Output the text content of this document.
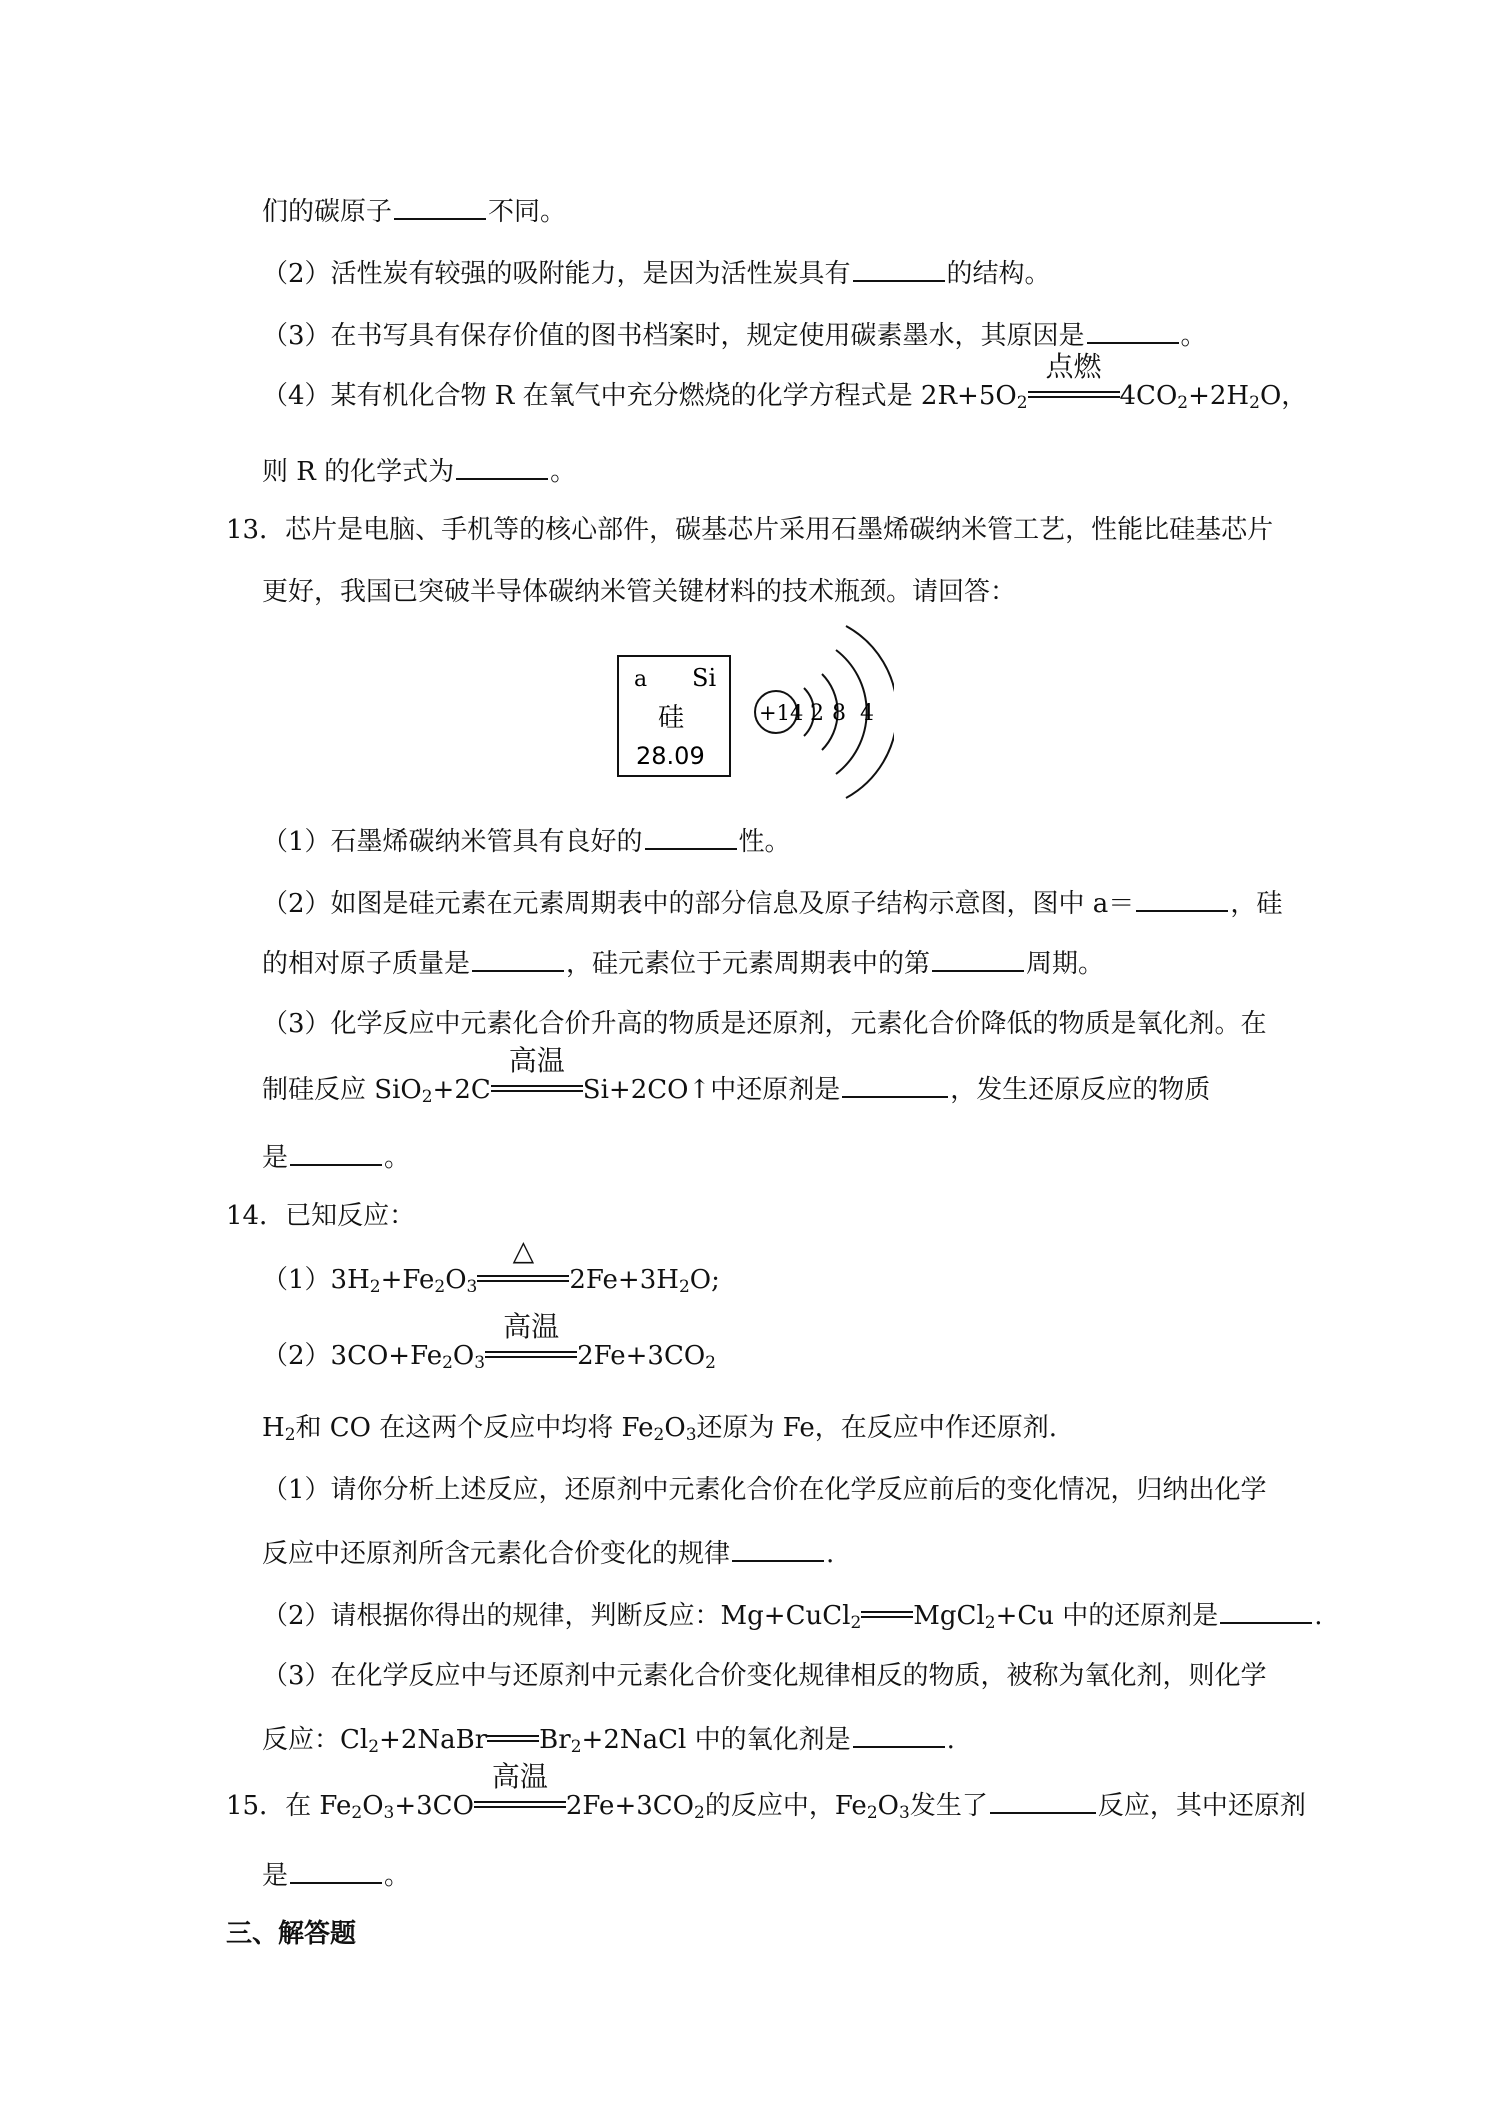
们的碳原子	不同。
（2）活性炭有较强的吸附能力，是因为活性炭具有	的结构。
（3）在书写具有保存价值的图书档案时，规定使用碳素墨水，其原因是	。
（4）某有机化合物 R 在氧气中充分燃烧的化学方程式是 $2R+5O_2$
点燃
$4CO_2+2H_2O$，
则 R 的化学式为	。
13．芯片是电脑、手机等的核心部件，碳基芯片采用石墨烯碳纳米管工艺，性能比硅基芯片
更好，我国已突破半导体碳纳米管关键材料的技术瓶颈。请回答：
a Si
硅
28.09
+14 2 8 4
（1）石墨烯碳纳米管具有良好的	性。
（2）如图是硅元素在元素周期表中的部分信息及原子结构示意图，图中 a＝	，硅
的相对原子质量是	，硅元素位于元素周期表中的第	周期。
（3）化学反应中元素化合价升高的物质是还原剂，元素化合价降低的物质是氧化剂。在
制硅反应 SiO$_2$+2C
高温
Si+2CO↑中还原剂是	，发生还原反应的物质
是	。
14．已知反应：
$(1)3H_2+Fe_2O_3$
△
$2Fe+3H_2O$;
$(2)3CO+Fe_2O_3$
高温
$2Fe+3CO_2$
$H_2$和 CO 在这两个反应中均将 $Fe_2O_3$还原为 Fe，在反应中作还原剂.
（1）请你分析上述反应，还原剂中元素化合价在化学反应前后的变化情况，归纳出化学
反应中还原剂所含元素化合价变化的规律	.
（2）请根据你得出的规律，判断反应：Mg+CuCl$_2$ MgCl$_2$+Cu 中的还原剂是	.
（3）在化学反应中与还原剂中元素化合价变化规律相反的物质，被称为氧化剂，则化学
反应：$Cl_2+2NaBr$ $Br_2+2NaCl$ 中的氧化剂是	.
15．在 $Fe_2O_3+3CO$
高温
$2Fe+3CO_2$的反应中，$Fe_2O_3$发生了	反应，其中还原剂
是	。
三、解答题
